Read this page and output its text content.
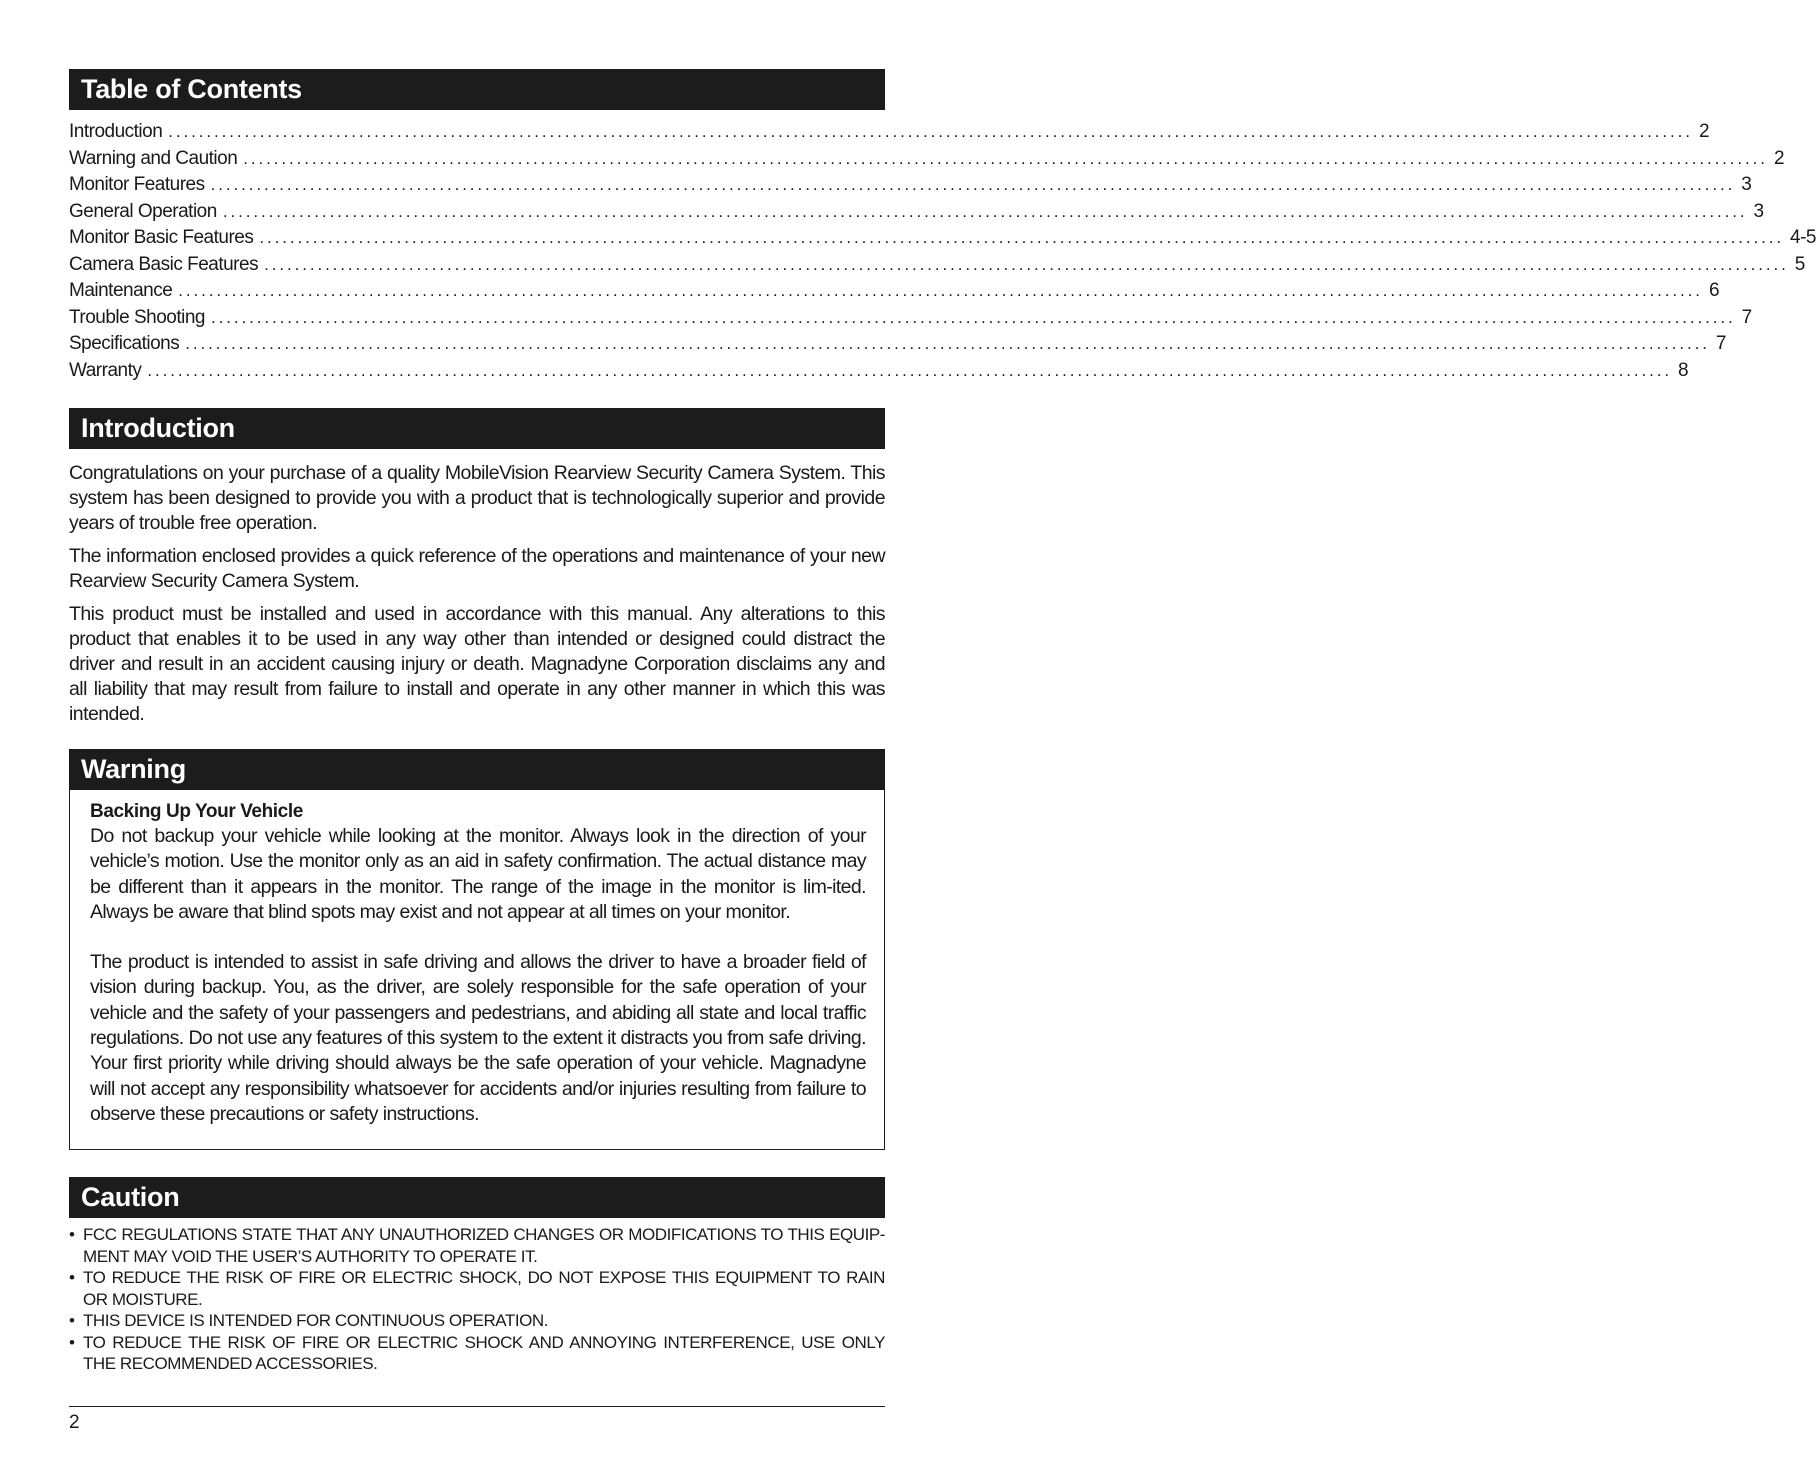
Table of Contents
Introduction ........................................................................................................................................................................................................ 2
Warning and Caution ........................................................................................................................................................................................................ 2
Monitor Features ........................................................................................................................................................................................................ 3
General Operation ........................................................................................................................................................................................................ 3
Monitor Basic Features ........................................................................................................................................................................................................ 4-5
Camera Basic Features ........................................................................................................................................................................................................ 5
Maintenance ........................................................................................................................................................................................................ 6
Trouble Shooting ........................................................................................................................................................................................................ 7
Specifications ........................................................................................................................................................................................................ 7
Warranty ........................................................................................................................................................................................................ 8
Introduction

Congratulations on your purchase of a quality MobileVision Rearview Security Camera System. This system has been designed to provide you with a product that is technologically superior and provide years of trouble free operation.

The information enclosed provides a quick reference of the operations and maintenance of your new Rearview Security Camera System.

This product must be installed and used in accordance with this manual. Any alterations to this product that enables it to be used in any way other than intended or designed could distract the driver and result in an accident causing injury or death. Magnadyne Corporation disclaims any and all liability that may result from failure to install and operate in any other manner in which this was intended.

Warning
Backing Up Your Vehicle

Do not backup your vehicle while looking at the monitor. Always look in the direction of your vehicle’s motion. Use the monitor only as an aid in safety confirmation. The actual distance may be different than it appears in the monitor. The range of the image in the monitor is lim-ited. Always be aware that blind spots may exist and not appear at all times on your monitor.

The product is intended to assist in safe driving and allows the driver to have a broader field of vision during backup. You, as the driver, are solely responsible for the safe operation of your vehicle and the safety of your passengers and pedestrians, and abiding all state and local traffic regulations. Do not use any features of this system to the extent it distracts you from safe driving. Your first priority while driving should always be the safe operation of your vehicle. Magnadyne will not accept any responsibility whatsoever for accidents and/or injuries resulting from failure to observe these precautions or safety instructions.

Caution
• FCC REGULATIONS STATE THAT ANY UNAUTHORIZED CHANGES OR MODIFICATIONS TO THIS EQUIP-MENT MAY VOID THE USER’S AUTHORITY TO OPERATE IT.
• TO REDUCE THE RISK OF FIRE OR ELECTRIC SHOCK, DO NOT EXPOSE THIS EQUIPMENT TO RAIN OR MOISTURE.
• THIS DEVICE IS INTENDED FOR CONTINUOUS OPERATION.
• TO REDUCE THE RISK OF FIRE OR ELECTRIC SHOCK AND ANNOYING INTERFERENCE, USE ONLY THE RECOMMENDED ACCESSORIES.
2
